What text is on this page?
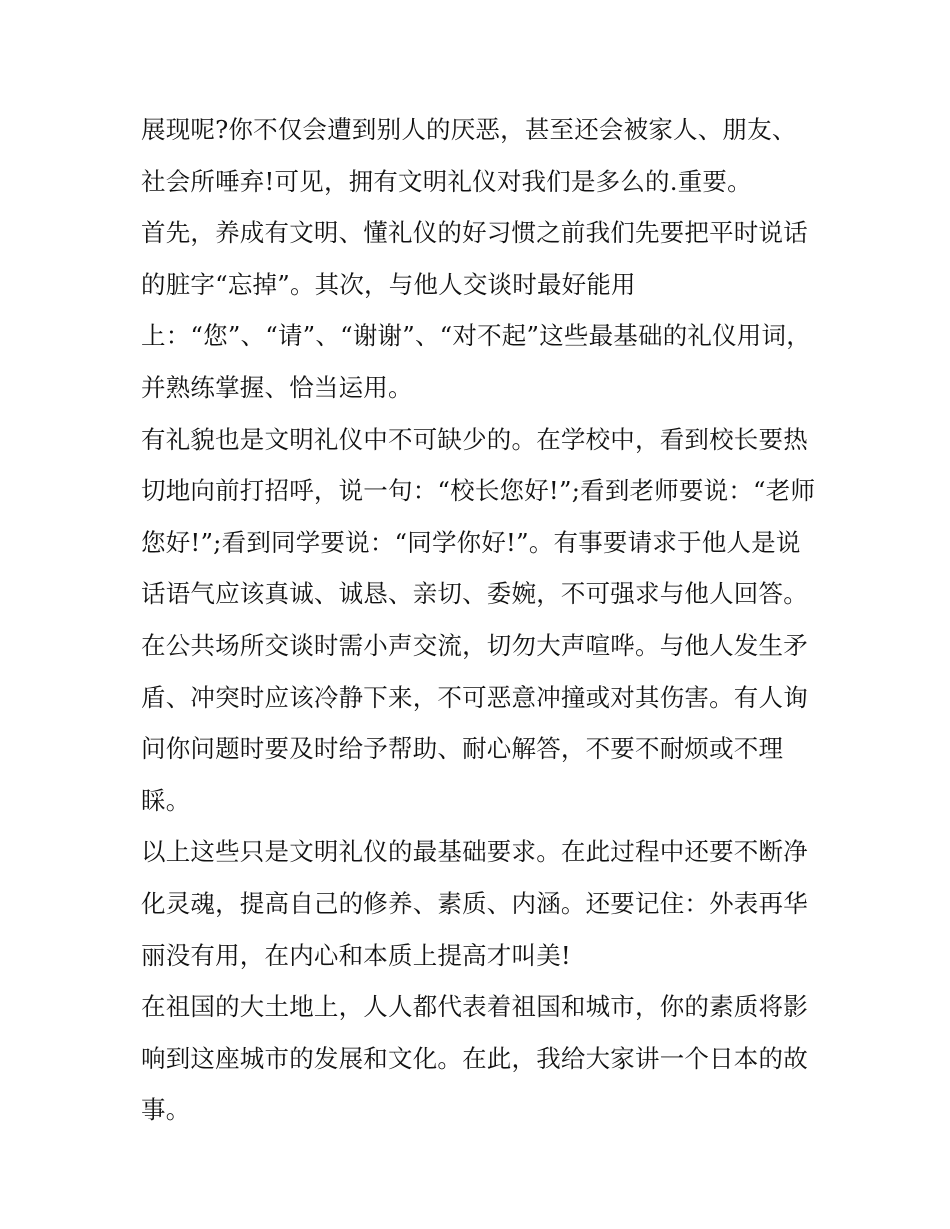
展现呢?你不仅会遭到别人的厌恶，甚至还会被家人、朋友、
社会所唾弃!可见，拥有文明礼仪对我们是多么的.重要。
首先，养成有文明、懂礼仪的好习惯之前我们先要把平时说话
的脏字“忘掉”。其次，与他人交谈时最好能用
上：“您”、“请”、“谢谢”、“对不起”这些最基础的礼仪用词，
并熟练掌握、恰当运用。
有礼貌也是文明礼仪中不可缺少的。在学校中，看到校长要热
切地向前打招呼，说一句：“校长您好!”;看到老师要说：“老师
您好!”;看到同学要说：“同学你好!”。有事要请求于他人是说
话语气应该真诚、诚恳、亲切、委婉，不可强求与他人回答。
在公共场所交谈时需小声交流，切勿大声喧哗。与他人发生矛
盾、冲突时应该冷静下来，不可恶意冲撞或对其伤害。有人询
问你问题时要及时给予帮助、耐心解答，不要不耐烦或不理
睬。
以上这些只是文明礼仪的最基础要求。在此过程中还要不断净
化灵魂，提高自己的修养、素质、内涵。还要记住：外表再华
丽没有用，在内心和本质上提高才叫美!
在祖国的大土地上，人人都代表着祖国和城市，你的素质将影
响到这座城市的发展和文化。在此，我给大家讲一个日本的故
事。
